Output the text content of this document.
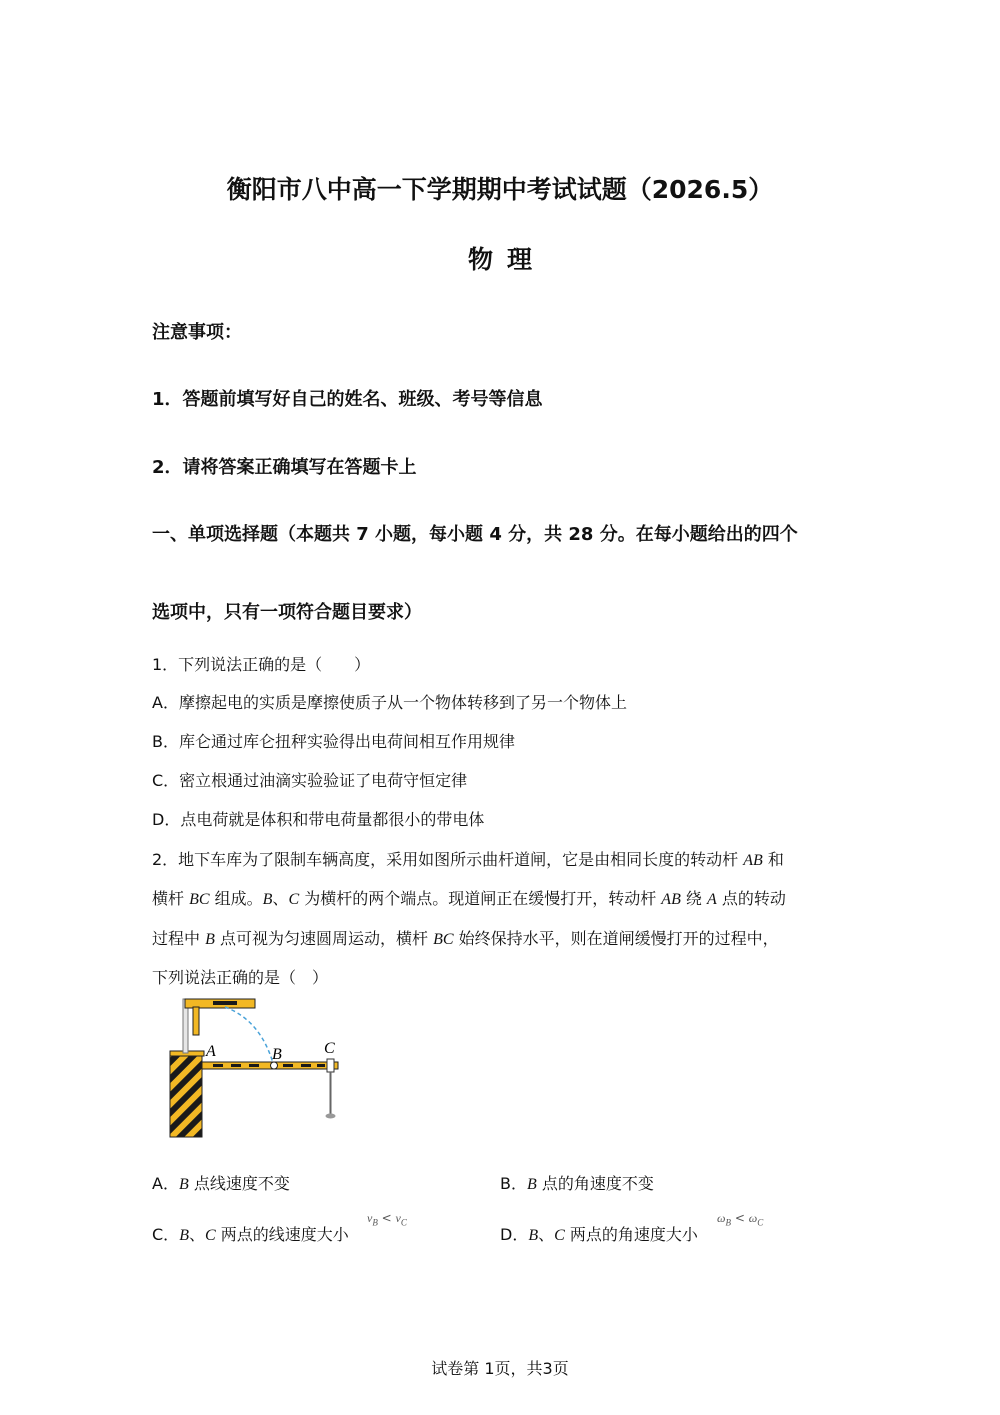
衡阳市八中高一下学期期中考试试题（2026.5）
物理
注意事项：
1．答题前填写好自己的姓名、班级、考号等信息
2．请将答案正确填写在答题卡上
一、单项选择题（本题共 7 小题，每小题 4 分，共 28 分。在每小题给出的四个
选项中，只有一项符合题目要求）
1．下列说法正确的是（　　）
A．摩擦起电的实质是摩擦使质子从一个物体转移到了另一个物体上
B．库仑通过库仑扭秤实验得出电荷间相互作用规律
C．密立根通过油滴实验验证了电荷守恒定律
D．点电荷就是体积和带电荷量都很小的带电体
2．地下车库为了限制车辆高度，采用如图所示曲杆道闸，它是由相同长度的转动杆 AB 和
横杆 BC 组成。B、C 为横杆的两个端点。现道闸正在缓慢打开，转动杆 AB 绕 A 点的转动
过程中 B 点可视为匀速圆周运动，横杆 BC 始终保持水平，则在道闸缓慢打开的过程中，
下列说法正确的是（　）
A	B	C
A．B 点线速度不变	B．B 点的角速度不变
C．B、C 两点的线速度大小
$v_B < v_C$
D．B、C 两点的角速度大小
$\omega_B < \omega_C$
试卷第 1页，共3页
